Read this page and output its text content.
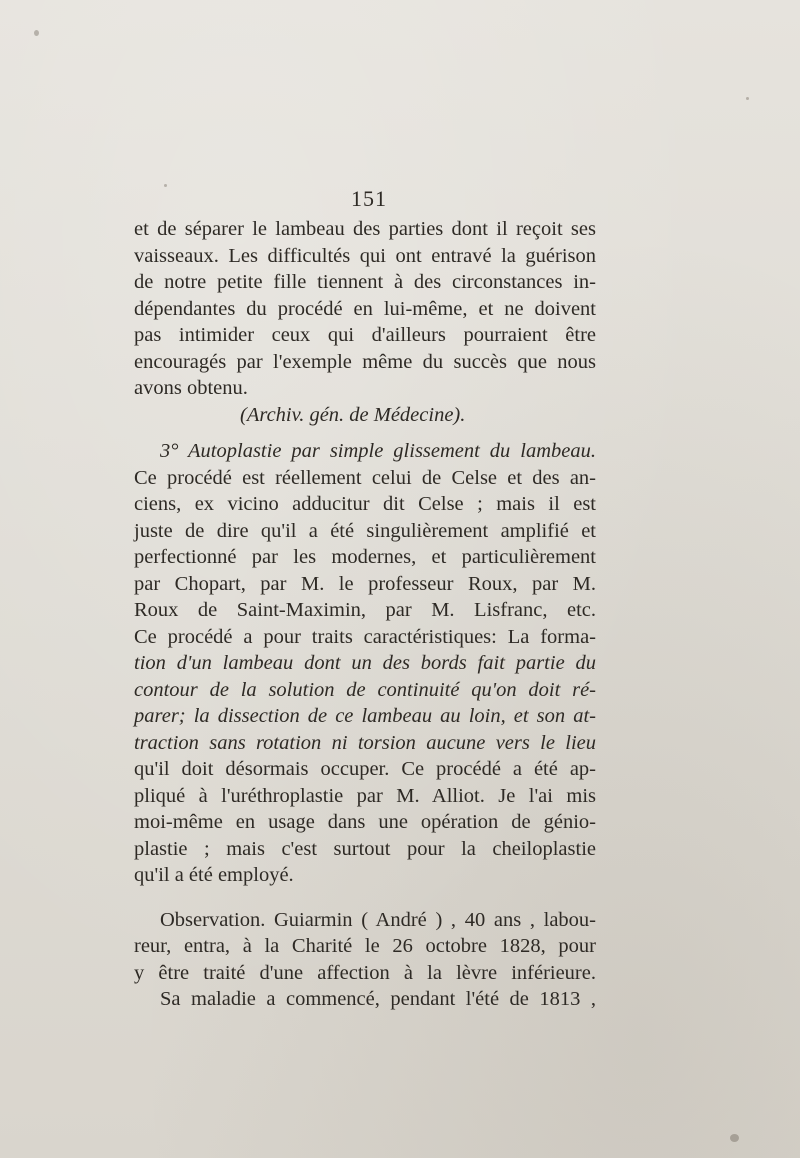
151
et de séparer le lambeau des parties dont il reçoit ses
vaisseaux. Les difficultés qui ont entravé la guérison
de notre petite fille tiennent à des circonstances in-
dépendantes du procédé en lui-même, et ne doivent
pas intimider ceux qui d'ailleurs pourraient être
encouragés par l'exemple même du succès que nous
avons obtenu.
(Archiv. gén. de Médecine).
3° Autoplastie par simple glissement du lambeau.
Ce procédé est réellement celui de Celse et des an-
ciens, ex vicino adducitur dit Celse ; mais il est
juste de dire qu'il a été singulièrement amplifié et
perfectionné par les modernes, et particulièrement
par Chopart, par M. le professeur Roux, par M.
Roux de Saint-Maximin, par M. Lisfranc, etc.
Ce procédé a pour traits caractéristiques: La forma-
tion d'un lambeau dont un des bords fait partie du
contour de la solution de continuité qu'on doit ré-
parer; la dissection de ce lambeau au loin, et son at-
traction sans rotation ni torsion aucune vers le lieu
qu'il doit désormais occuper. Ce procédé a été ap-
pliqué à l'uréthroplastie par M. Alliot. Je l'ai mis
moi-même en usage dans une opération de génio-
plastie ; mais c'est surtout pour la cheiloplastie
qu'il a été employé.
Observation. Guiarmin ( André ) , 40 ans , labou-
reur, entra, à la Charité le 26 octobre 1828, pour
y être traité d'une affection à la lèvre inférieure.
Sa maladie a commencé, pendant l'été de 1813 ,
